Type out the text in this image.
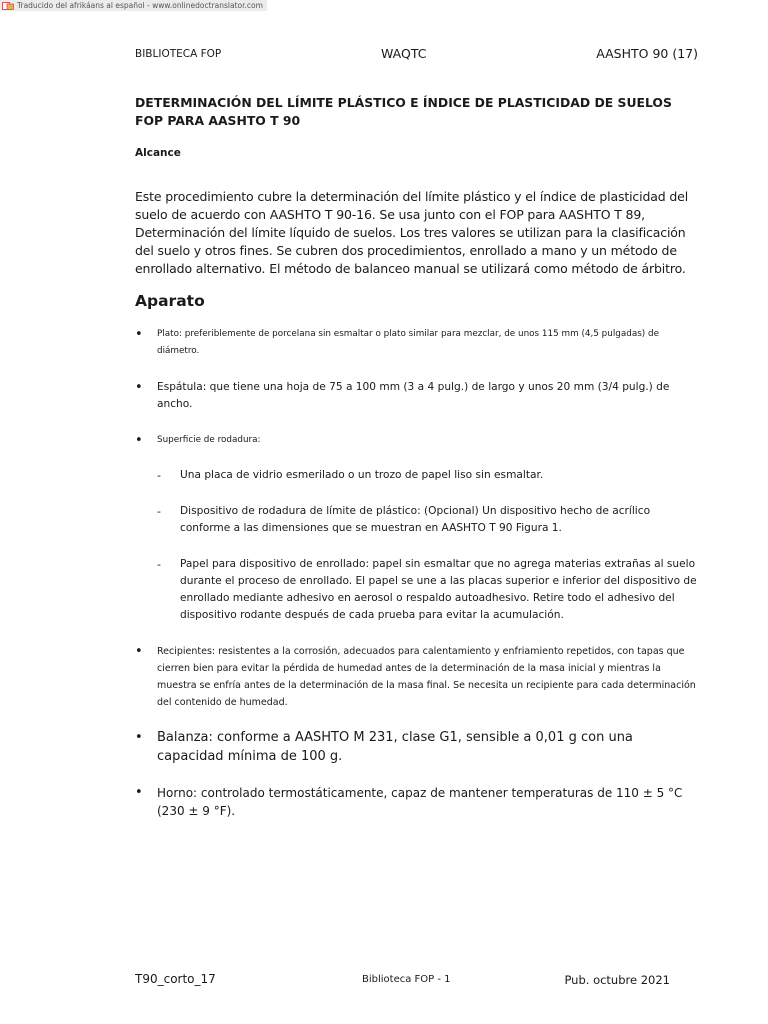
Traducido del afrikáans al español - www.onlinedoctranslator.com
BIBLIOTECA FOP	WAQTC	AASHTO 90 (17)
DETERMINACIÓN DEL LÍMITE PLÁSTICO E ÍNDICE DE PLASTICIDAD DE SUELOS FOP PARA AASHTO T 90
Alcance

Este procedimiento cubre la determinación del límite plástico y el índice de plasticidad del suelo de acuerdo con AASHTO T 90-16. Se usa junto con el FOP para AASHTO T 89, Determinación del límite líquido de suelos. Los tres valores se utilizan para la clasificación del suelo y otros fines. Se cubren dos procedimientos, enrollado a mano y un método de enrollado alternativo. El método de balanceo manual se utilizará como método de árbitro.

Aparato
• Plato: preferiblemente de porcelana sin esmaltar o plato similar para mezclar, de unos 115 mm (4,5 pulgadas) de diámetro.
• Espátula: que tiene una hoja de 75 a 100 mm (3 a 4 pulg.) de largo y unos 20 mm (3/4 pulg.) de ancho.
• Superficie de rodadura:
- Una placa de vidrio esmerilado o un trozo de papel liso sin esmaltar.
- Dispositivo de rodadura de límite de plástico: (Opcional) Un dispositivo hecho de acrílico conforme a las dimensiones que se muestran en AASHTO T 90 Figura 1.
- Papel para dispositivo de enrollado: papel sin esmaltar que no agrega materias extrañas al suelo durante el proceso de enrollado. El papel se une a las placas superior e inferior del dispositivo de enrollado mediante adhesivo en aerosol o respaldo autoadhesivo. Retire todo el adhesivo del dispositivo rodante después de cada prueba para evitar la acumulación.
• Recipientes: resistentes a la corrosión, adecuados para calentamiento y enfriamiento repetidos, con tapas que cierren bien para evitar la pérdida de humedad antes de la determinación de la masa inicial y mientras la muestra se enfría antes de la determinación de la masa final. Se necesita un recipiente para cada determinación del contenido de humedad.
• Balanza: conforme a AASHTO M 231, clase G1, sensible a 0,01 g con una capacidad mínima de 100 g.
• Horno: controlado termostáticamente, capaz de mantener temperaturas de 110 ± 5 °C (230 ± 9 °F).
T90_corto_17	Biblioteca FOP - 1	Pub. octubre 2021
